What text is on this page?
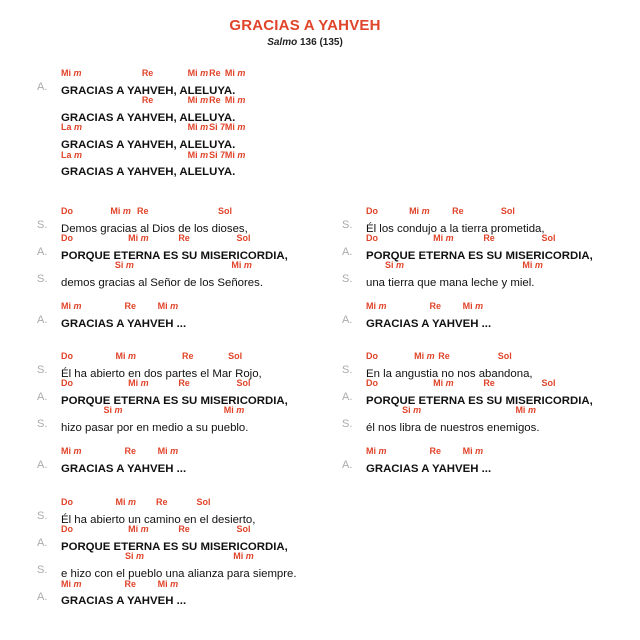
GRACIAS A YAHVEH
Salmo 136 (135)
Mi m	Re	Mi m Re Mi m
A. GRACIAS A YAHVEH, ALELUYA.
Re	Mi m Re Mi m
GRACIAS A YAHVEH, ALELUYA.
La m	Mi m Si 7 Mi m
GRACIAS A YAHVEH, ALELUYA.
La m	Mi m Si 7 Mi m
GRACIAS A YAHVEH, ALELUYA.
Do	Mi m Re	Sol
S. Demos gracias al Dios de los dioses,
Do	Mi m	Re	Sol
A. PORQUE ETERNA ES SU MISERICORDIA,
Si m	Mi m
S. demos gracias al Señor de los Señores.
Mi m	Re Mi m
A. GRACIAS A YAHVEH ...
Do	Mi m	Re	Sol
S. Él ha abierto en dos partes el Mar Rojo,
Do	Mi m	Re	Sol
A. PORQUE ETERNA ES SU MISERICORDIA,
Si m	Mi m
S. hizo pasar por en medio a su pueblo.
Mi m	Re Mi m
A. GRACIAS A YAHVEH ...
Do	Mi m Re	Sol
S. Él ha abierto un camino en el desierto,
Do	Mi m	Re	Sol
A. PORQUE ETERNA ES SU MISERICORDIA,
Si m	Mi m
S. e hizo con el pueblo una alianza para siempre.
Mi m	Re Mi m
A. GRACIAS A YAHVEH ...
Do	Mi m	Re	Sol
S. Él los condujo a la tierra prometida,
Do	Mi m	Re	Sol
A. PORQUE ETERNA ES SU MISERICORDIA,
Si m	Mi m
S. una tierra que mana leche y miel.
Mi m	Re Mi m
A. GRACIAS A YAHVEH ...
Do	Mi m Re	Sol
S. En la angustia no nos abandona,
Do	Mi m	Re	Sol
A. PORQUE ETERNA ES SU MISERICORDIA,
Si m	Mi m
S. él nos libra de nuestros enemigos.
Mi m	Re Mi m
A. GRACIAS A YAHVEH ...
